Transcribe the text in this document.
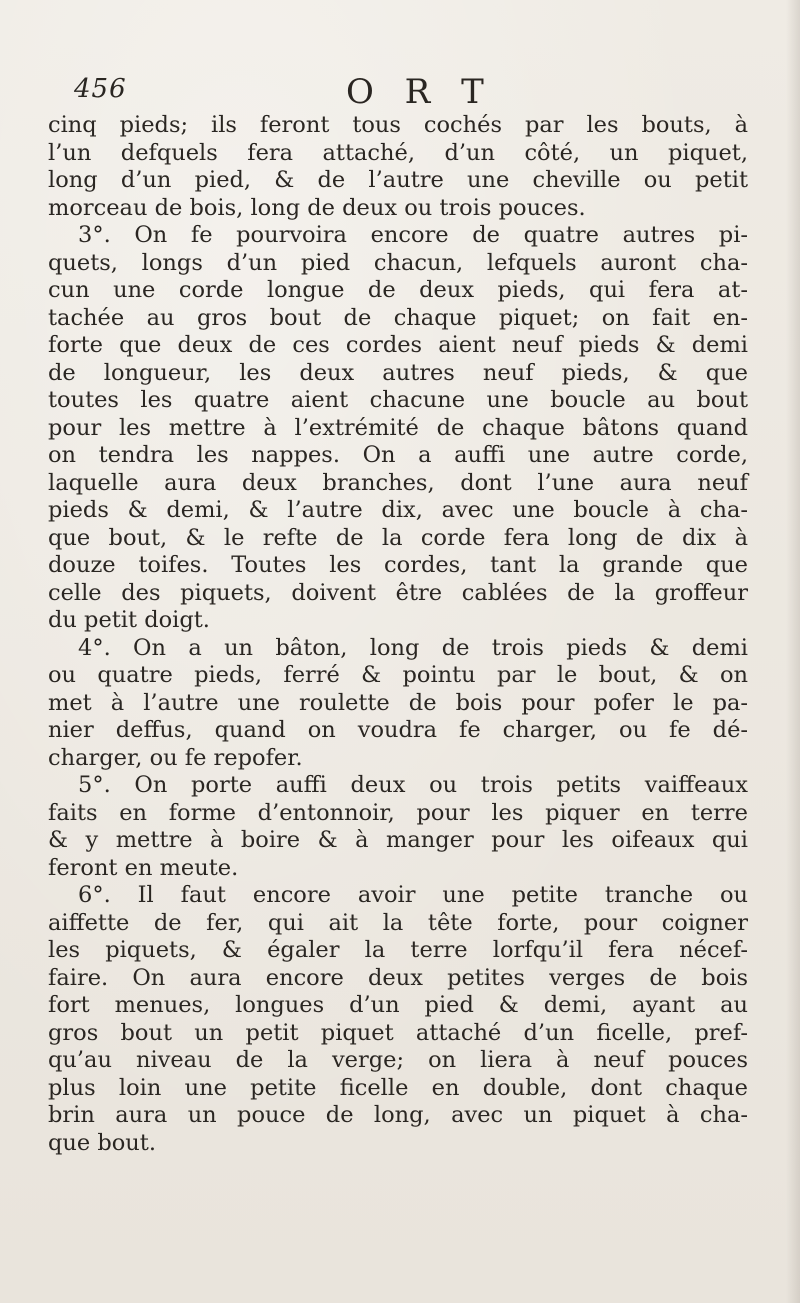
456	O R T
cinq pieds; ils feront tous cochés par les bouts, à
l’un defquels fera attaché, d’un côté, un piquet,
long d’un pied, & de l’autre une cheville ou petit
morceau de bois, long de deux ou trois pouces.
3°. On fe pourvoira encore de quatre autres pi-
quets, longs d’un pied chacun, lefquels auront cha-
cun une corde longue de deux pieds, qui fera at-
tachée au gros bout de chaque piquet; on fait en-
forte que deux de ces cordes aient neuf pieds & demi
de longueur, les deux autres neuf pieds, & que
toutes les quatre aient chacune une boucle au bout
pour les mettre à l’extrémité de chaque bâtons quand
on tendra les nappes. On a auffi une autre corde,
laquelle aura deux branches, dont l’une aura neuf
pieds & demi, & l’autre dix, avec une boucle à cha-
que bout, & le refte de la corde fera long de dix à
douze toifes. Toutes les cordes, tant la grande que
celle des piquets, doivent être cablées de la groffeur
du petit doigt.
4°. On a un bâton, long de trois pieds & demi
ou quatre pieds, ferré & pointu par le bout, & on
met à l’autre une roulette de bois pour pofer le pa-
nier deffus, quand on voudra fe charger, ou fe dé-
charger, ou fe repofer.
5°. On porte auffi deux ou trois petits vaiffeaux
faits en forme d’entonnoir, pour les piquer en terre
& y mettre à boire & à manger pour les oifeaux qui
feront en meute.
6°. Il faut encore avoir une petite tranche ou
aiffette de fer, qui ait la tête forte, pour coigner
les piquets, & égaler la terre lorfqu’il fera nécef-
faire. On aura encore deux petites verges de bois
fort menues, longues d’un pied & demi, ayant au
gros bout un petit piquet attaché d’un ficelle, pref-
qu’au niveau de la verge; on liera à neuf pouces
plus loin une petite ficelle en double, dont chaque
brin aura un pouce de long, avec un piquet à cha-
que bout.
